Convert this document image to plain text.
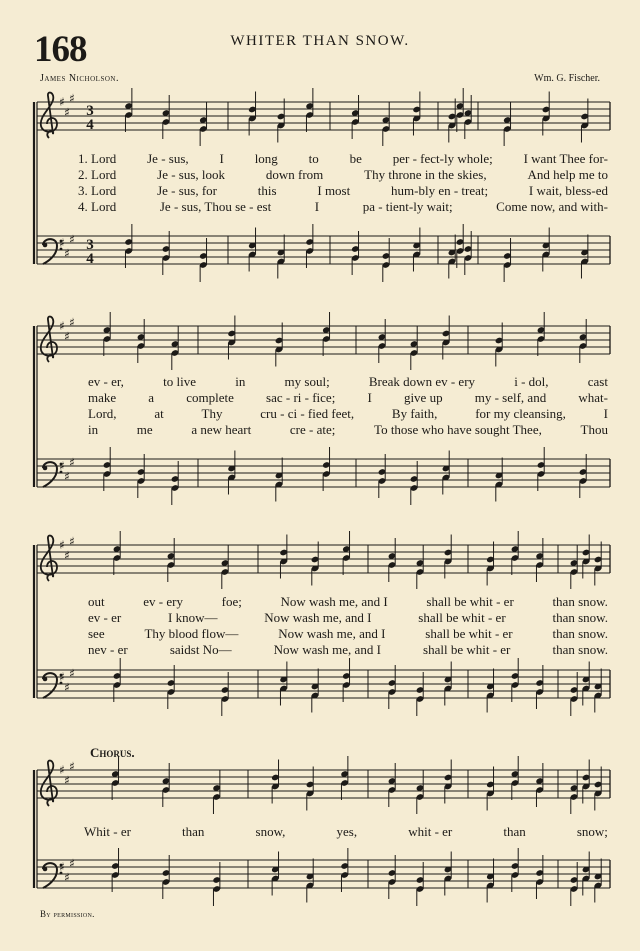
168	WHITER THAN SNOW.
James Nicholson.	Wm. G. Fischer.
Chorus.
By permission.
♯
♯
♯
♯
♯
♯
3
4
3
4
♯
♯
♯
♯
♯
♯
♯
♯
♯
♯
♯
♯
♯
♯
♯
♯
♯
♯
1. Lord Je - sus, I long to be per - fect-ly whole; I want Thee for-
2. Lord	Je - sus, look	down from	Thy throne in the skies,	And help me to
3. Lord	Je - sus, for	this	I most	hum-bly en - treat;	I wait, bless-ed
4. Lord	Je - sus, Thou se - est	I	pa - tient-ly wait;	Come now, and with-
ev - er,	to live	in	my soul;	Break down ev - ery	i - dol,	cast
make a complete sac - ri - fice; I give up my - self, and what-
Lord,	at	Thy	cru - ci - fied feet,	By faith,	for my cleansing,	I
in	me	a new heart	cre - ate;	To those who have sought Thee,	Thou
out	ev - ery	foe;	Now wash me, and I	shall be whit - er	than snow.
ev - er	I know—	Now wash me, and I	shall be whit - er	than snow.
see	Thy blood flow—	Now wash me, and I	shall be whit - er	than snow.
nev - er	saidst No—	Now wash me, and I	shall be whit - er	than snow.
Whit - er	than	snow,	yes,	whit - er	than	snow;
